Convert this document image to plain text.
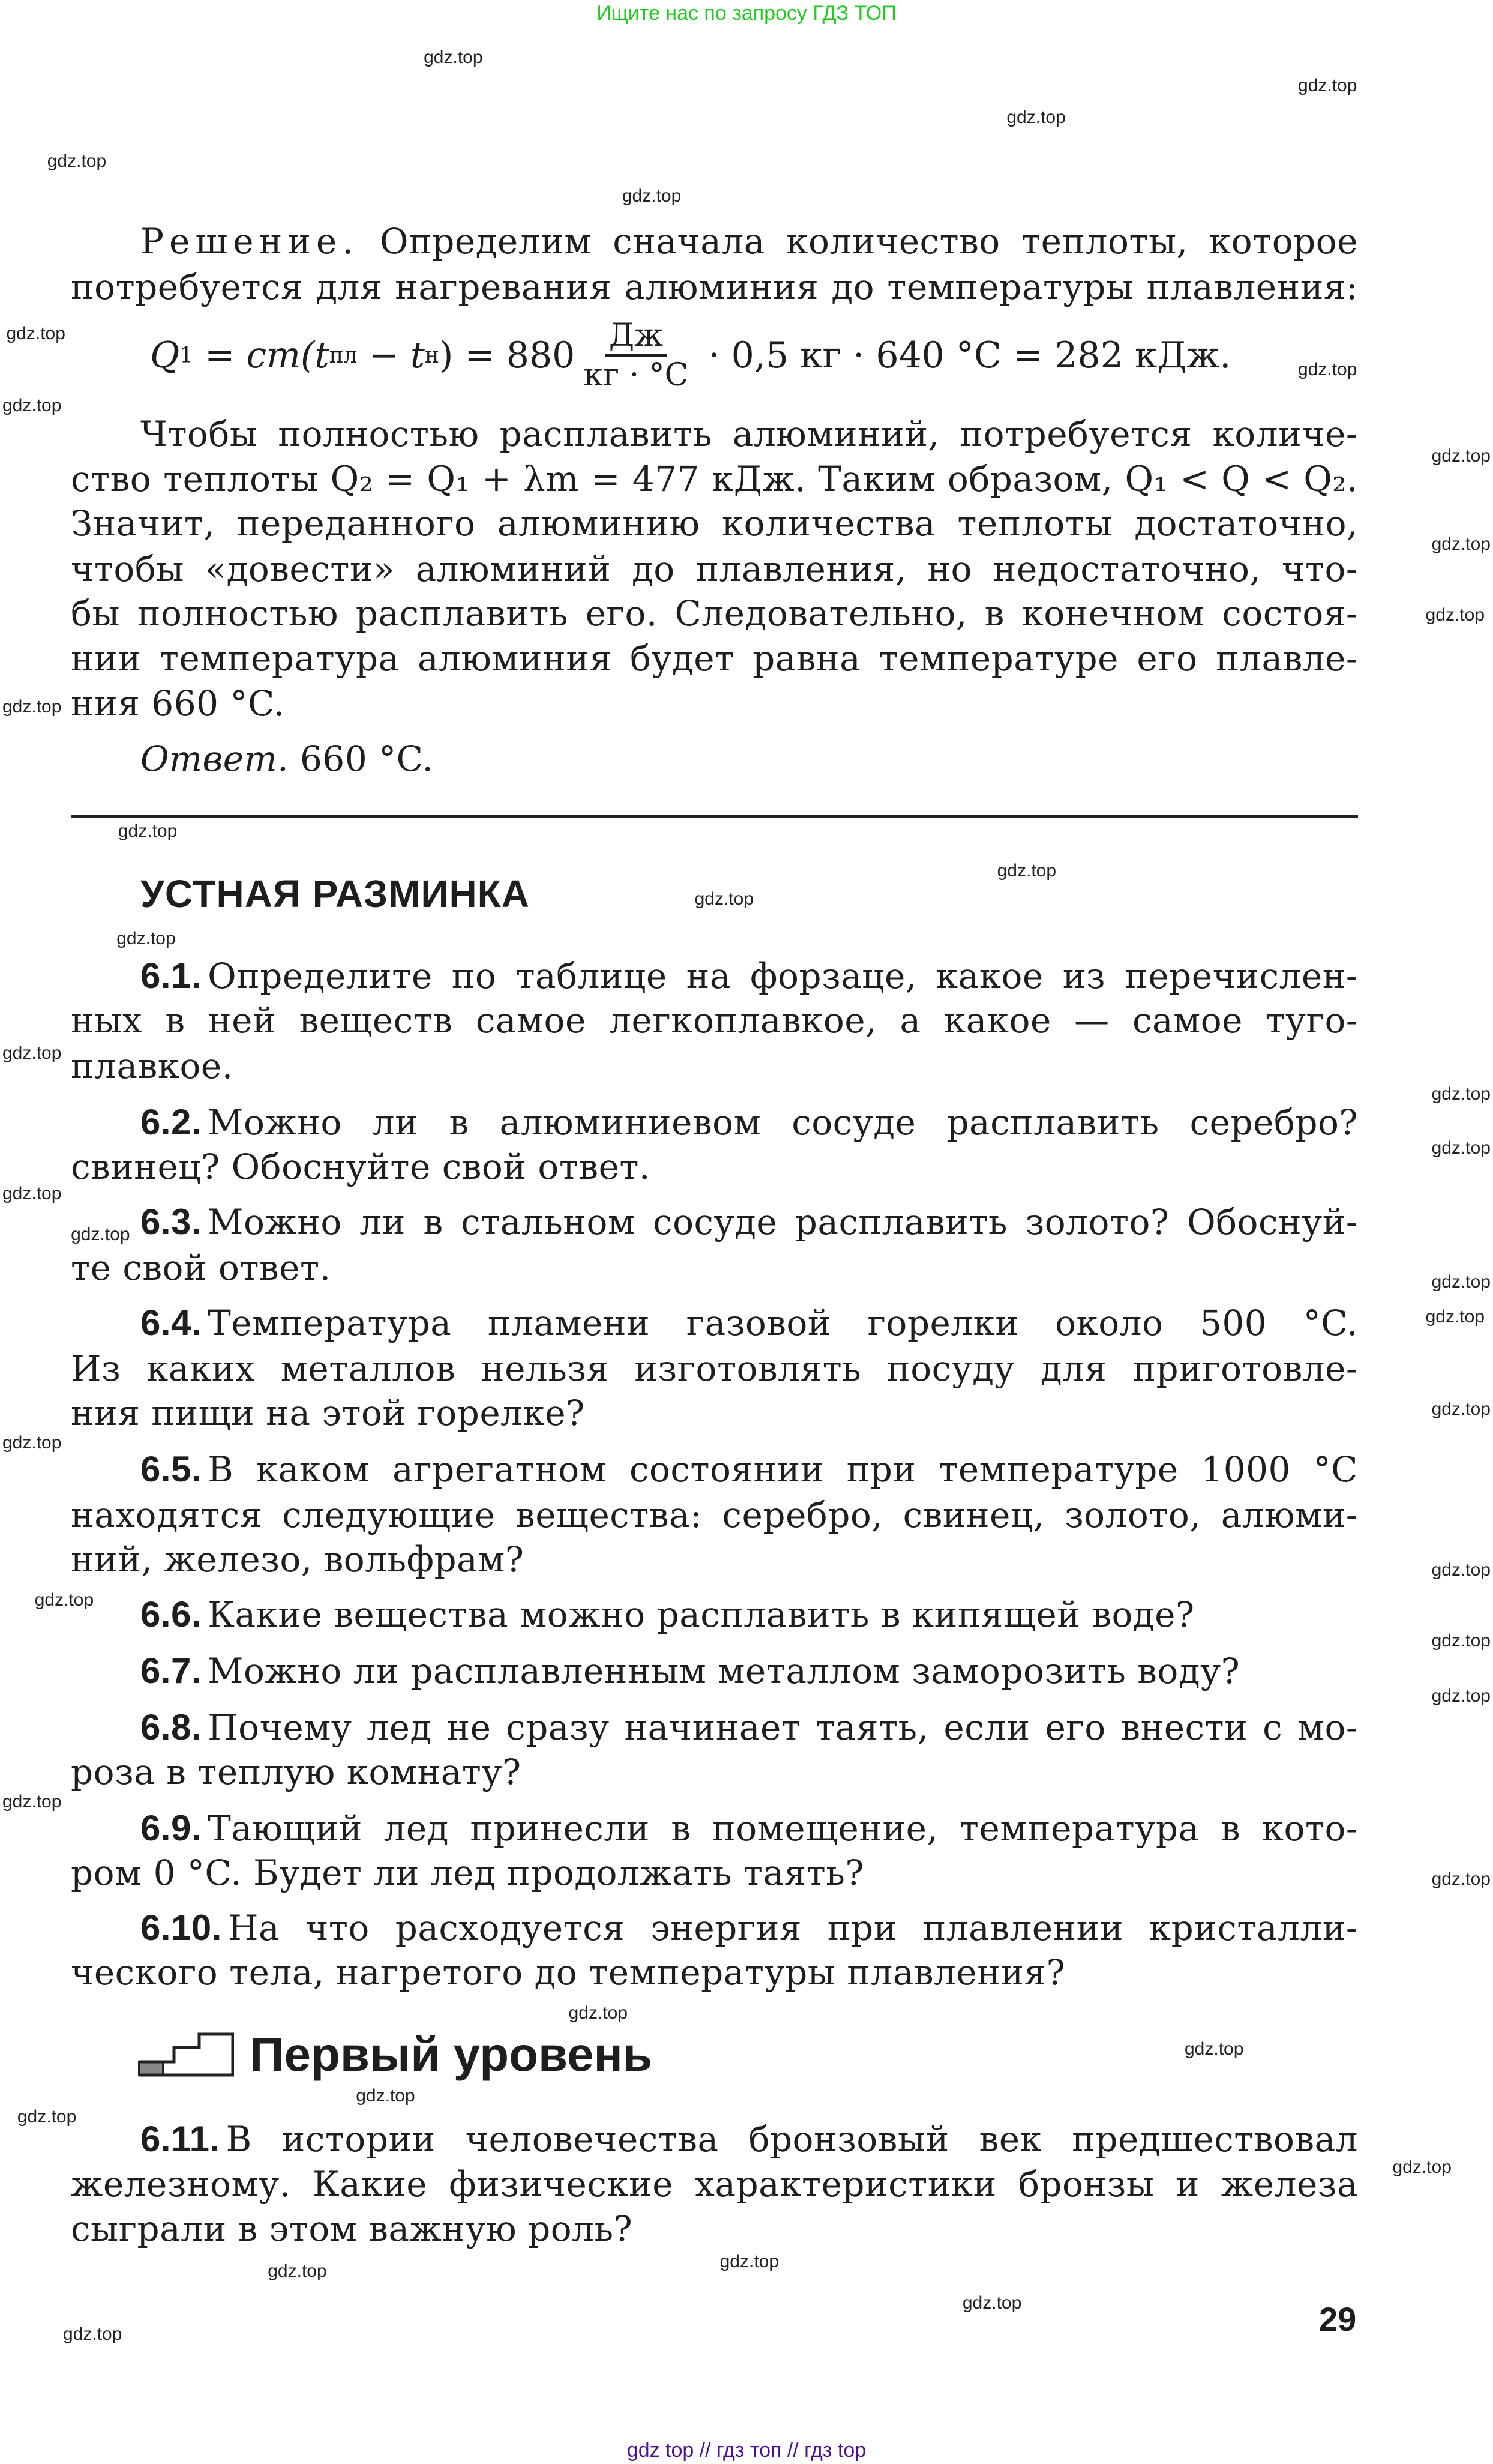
Ищите нас по запросу ГДЗ ТОП
Решение. Определим сначала количество теплоты, которое
потребуется для нагревания алюминия до температуры плавления:
Q 1 = cm (t пл − t н ) = $880 \frac{Дж}{кг \cdot ^\circ C} \cdot 0,5$ кг · 640 °C = 282 кДж.
Чтобы полностью расплавить алюминий, потребуется количе-
ство теплоты Q₂ = Q₁ + λm = 477 кДж. Таким образом, Q₁ < Q < Q₂.
Значит, переданного алюминию количества теплоты достаточно,
чтобы «довести» алюминий до плавления, но недостаточно, что-
бы полностью расплавить его. Следовательно, в конечном состоя-
нии температура алюминия будет равна температуре его плавле-
ния 660 °C.
Ответ. 660 °C.
УСТНАЯ РАЗМИНКА
Первый уровень
6.1. Определите по таблице на форзаце, какое из перечислен-
ных в ней веществ самое легкоплавкое, а какое — самое туго-
плавкое.
6.2. Можно ли в алюминиевом сосуде расплавить серебро?
свинец? Обоснуйте свой ответ.
6.3. Можно ли в стальном сосуде расплавить золото? Обоснуй-
те свой ответ.
6.4. Температура пламени газовой горелки около 500 °C.
Из каких металлов нельзя изготовлять посуду для приготовле-
ния пищи на этой горелке?
6.5. В каком агрегатном состоянии при температуре 1000 °C
находятся следующие вещества: серебро, свинец, золото, алюми-
ний, железо, вольфрам?
6.6. Какие вещества можно расплавить в кипящей воде?
6.7. Можно ли расплавленным металлом заморозить воду?
6.8. Почему лед не сразу начинает таять, если его внести с мо-
роза в теплую комнату?
6.9. Тающий лед принесли в помещение, температура в кото-
ром 0 °C. Будет ли лед продолжать таять?
6.10. На что расходуется энергия при плавлении кристалли-
ческого тела, нагретого до температуры плавления?
6.11. В истории человечества бронзовый век предшествовал
железному. Какие физические характеристики бронзы и железа
сыграли в этом важную роль?
29
gdz.top
gdz.top
gdz.top
gdz.top
gdz.top
gdz.top
gdz.top
gdz.top
gdz.top
gdz.top
gdz.top
gdz.top
gdz.top
gdz.top
gdz.top
gdz.top
gdz.top
gdz.top
gdz.top
gdz.top
gdz.top
gdz.top
gdz.top
gdz.top
gdz.top
gdz.top
gdz.top
gdz.top
gdz.top
gdz.top
gdz.top
gdz.top
gdz.top
gdz.top
gdz.top
gdz.top
gdz.top
gdz.top
gdz.top
gdz.top
gdz top // гдз топ // гдз top
